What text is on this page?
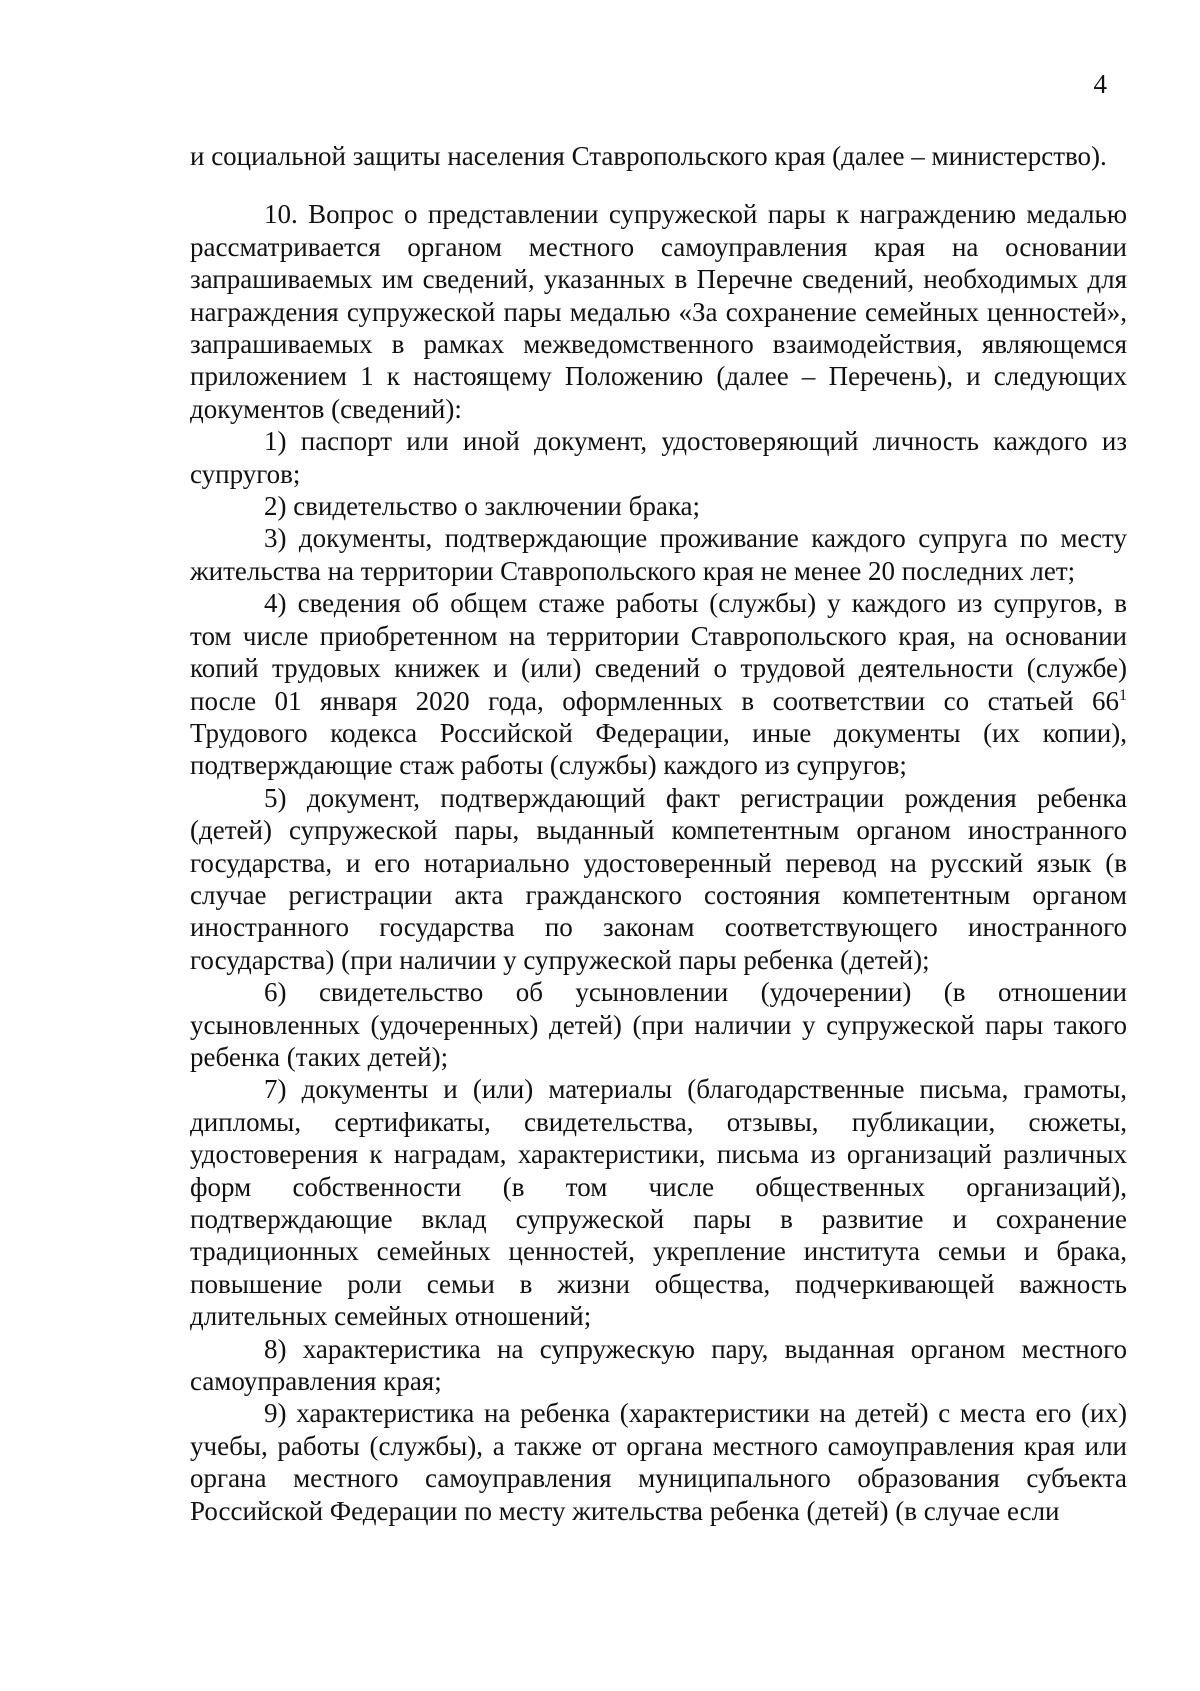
4

и социальной защиты населения Ставропольского края (далее – министерство).

10. Вопрос о представлении супружеской пары к награждению медалью рассматривается органом местного самоуправления края на основании запрашиваемых им сведений, указанных в Перечне сведений, необходимых для награждения супружеской пары медалью «За сохранение семейных ценностей», запрашиваемых в рамках межведомственного взаимодействия, являющемся приложением 1 к настоящему Положению (далее – Перечень), и следующих документов (сведений):

1) паспорт или иной документ, удостоверяющий личность каждого из супругов;

2) свидетельство о заключении брака;

3) документы, подтверждающие проживание каждого супруга по месту жительства на территории Ставропольского края не менее 20 последних лет;

4) сведения об общем стаже работы (службы) у каждого из супругов, в том числе приобретенном на территории Ставропольского края, на основании копий трудовых книжек и (или) сведений о трудовой деятельности (службе) после 01 января 2020 года, оформленных в соответствии со статьей $66^1$ Трудового кодекса Российской Федерации, иные документы (их копии), подтверждающие стаж работы (службы) каждого из супругов;

5) документ, подтверждающий факт регистрации рождения ребенка (детей) супружеской пары, выданный компетентным органом иностранного государства, и его нотариально удостоверенный перевод на русский язык (в случае регистрации акта гражданского состояния компетентным органом иностранного государства по законам соответствующего иностранного государства) (при наличии у супружеской пары ребенка (детей);

6) свидетельство об усыновлении (удочерении) (в отношении усыновленных (удочеренных) детей) (при наличии у супружеской пары такого ребенка (таких детей);

7) документы и (или) материалы (благодарственные письма, грамоты, дипломы, сертификаты, свидетельства, отзывы, публикации, сюжеты, удостоверения к наградам, характеристики, письма из организаций различных форм собственности (в том числе общественных организаций), подтверждающие вклад супружеской пары в развитие и сохранение традиционных семейных ценностей, укрепление института семьи и брака, повышение роли семьи в жизни общества, подчеркивающей важность длительных семейных отношений;

8) характеристика на супружескую пару, выданная органом местного самоуправления края;

9) характеристика на ребенка (характеристики на детей) с места его (их) учебы, работы (службы), а также от органа местного самоуправления края или органа местного самоуправления муниципального образования субъекта Российской Федерации по месту жительства ребенка (детей) (в случае если
